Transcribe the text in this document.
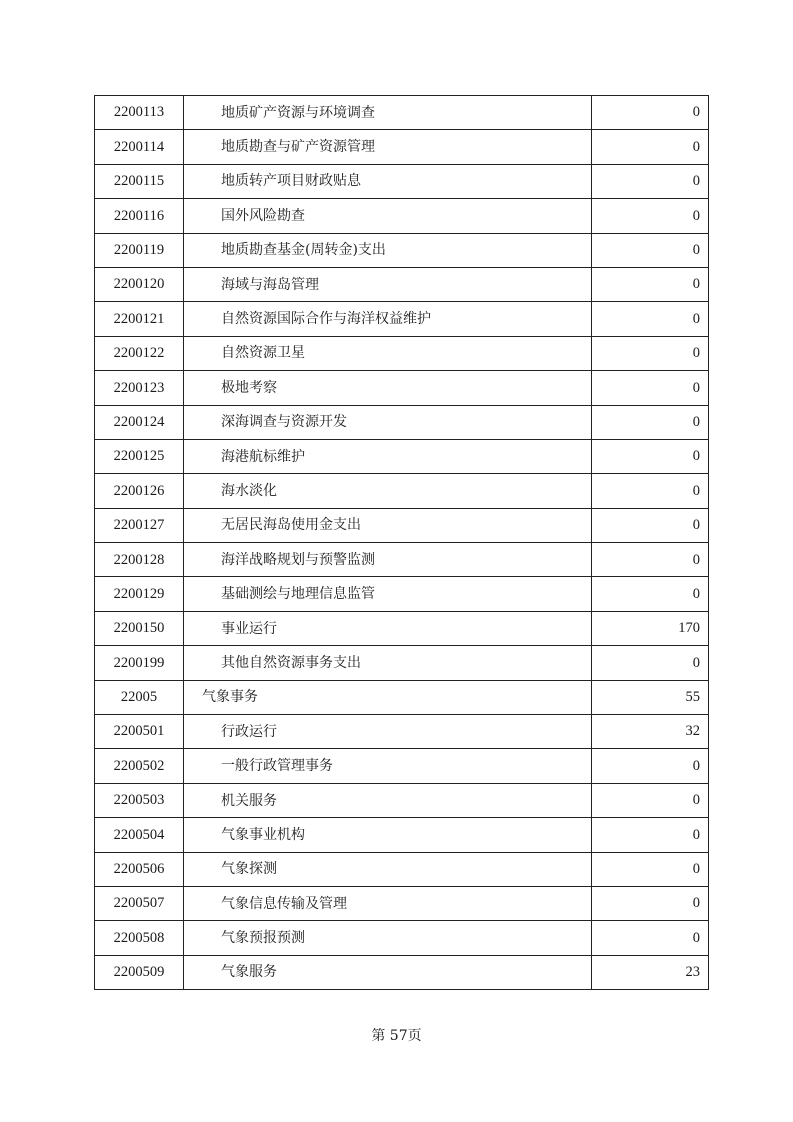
2200113	地质矿产资源与环境调查	0
2200114	地质勘查与矿产资源管理	0
2200115	地质转产项目财政贴息	0
2200116	国外风险勘查	0
2200119	地质勘查基金(周转金)支出	0
2200120	海域与海岛管理	0
2200121	自然资源国际合作与海洋权益维护	0
2200122	自然资源卫星	0
2200123	极地考察	0
2200124	深海调查与资源开发	0
2200125	海港航标维护	0
2200126	海水淡化	0
2200127	无居民海岛使用金支出	0
2200128	海洋战略规划与预警监测	0
2200129	基础测绘与地理信息监管	0
2200150	事业运行	170
2200199	其他自然资源事务支出	0
22005	气象事务	55
2200501	行政运行	32
2200502	一般行政管理事务	0
2200503	机关服务	0
2200504	气象事业机构	0
2200506	气象探测	0
2200507	气象信息传输及管理	0
2200508	气象预报预测	0
2200509	气象服务	23
第 57页
